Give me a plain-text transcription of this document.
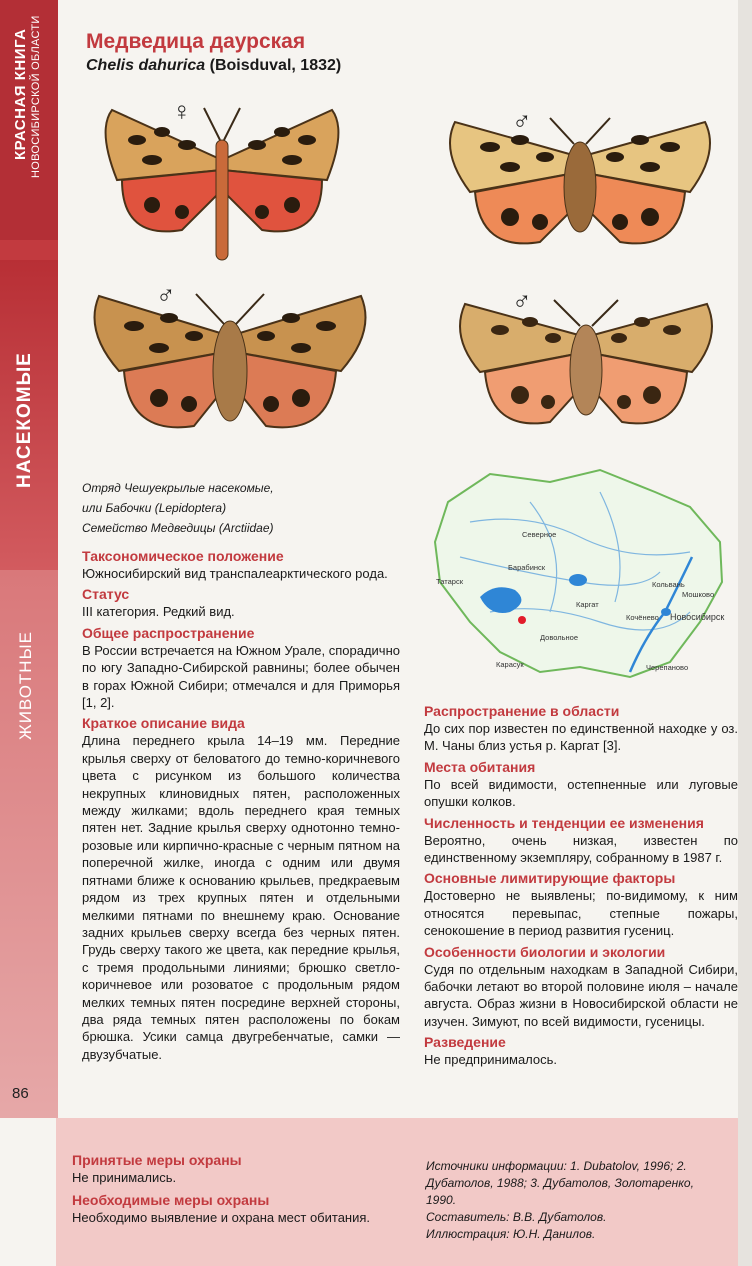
КРАСНАЯ КНИГА НОВОСИБИРСКОЙ ОБЛАСТИ
НАСЕКОМЫЕ
ЖИВОТНЫЕ
86
Медведица даурская
Chelis dahurica (Boisduval, 1832)
♀	♂
♂	♂
Отряд Чешуекрылые насекомые,
или Бабочки (Lepidoptera)
Семейство Медведицы (Arctiidae)	Северное
Татарск
Барабинск
Каргат
Кочёнево Новосибирск
Мошково
Довольное
Карасук	Черепаново
Кольвань
Таксономическое положение

Южносибирский вид транспалеарктического рода.

Статус

III категория. Редкий вид.

Общее распространение

В России встречается на Южном Урале, спорадично по югу Западно-Сибирской равнины; более обычен в горах Южной Сибири; отмечался и для Приморья [1, 2].

Краткое описание вида

Длина переднего крыла 14–19 мм. Передние крылья сверху от беловатого до темно-коричневого цвета с рисунком из большого количества некрупных клиновидных пятен, расположенных между жилками; вдоль переднего края темных пятен нет. Задние крылья сверху однотонно темно-розовые или кирпично-красные с черным пятном на поперечной жилке, иногда с одним или двумя пятнами ближе к основанию крыльев, предкраевым рядом из трех крупных пятен и отдельными мелкими пятнами по внешнему краю. Основание задних крыльев сверху всегда без черных пятен. Грудь сверху такого же цвета, как передние крылья, с тремя продольными линиями; брюшко светло-коричневое или розоватое с продольным рядом мелких темных пятен посредине верхней стороны, два ряда темных пятен расположены по бокам брюшка. Усики самца двугребенчатые, самки — двузубчатые.

Распространение в области

До сих пор известен по единственной находке у оз. М. Чаны близ устья р. Каргат [3].

Места обитания

По всей видимости, остепненные или луговые опушки колков.

Численность и тенденции ее изменения

Вероятно, очень низкая, известен по единственному экземпляру, собранному в 1987 г.

Основные лимитирующие факторы

Достоверно не выявлены; по-видимому, к ним относятся перевыпас, степные пожары, сенокошение в период развития гусениц.

Особенности биологии и экологии

Судя по отдельным находкам в Западной Сибири, бабочки летают во второй половине июля – начале августа. Образ жизни в Новосибирской области не изучен. Зимуют, по всей видимости, гусеницы.

Разведение

Не предпринималось.

Принятые меры охраны

Не принимались.

Необходимые меры охраны

Необходимо выявление и охрана мест обитания.

Источники информации: 1. Dubatolov, 1996; 2. Дубатолов, 1988; 3. Дубатолов, Золотаренко, 1990.
Составитель: В.В. Дубатолов.
Иллюстрация: Ю.Н. Данилов.
